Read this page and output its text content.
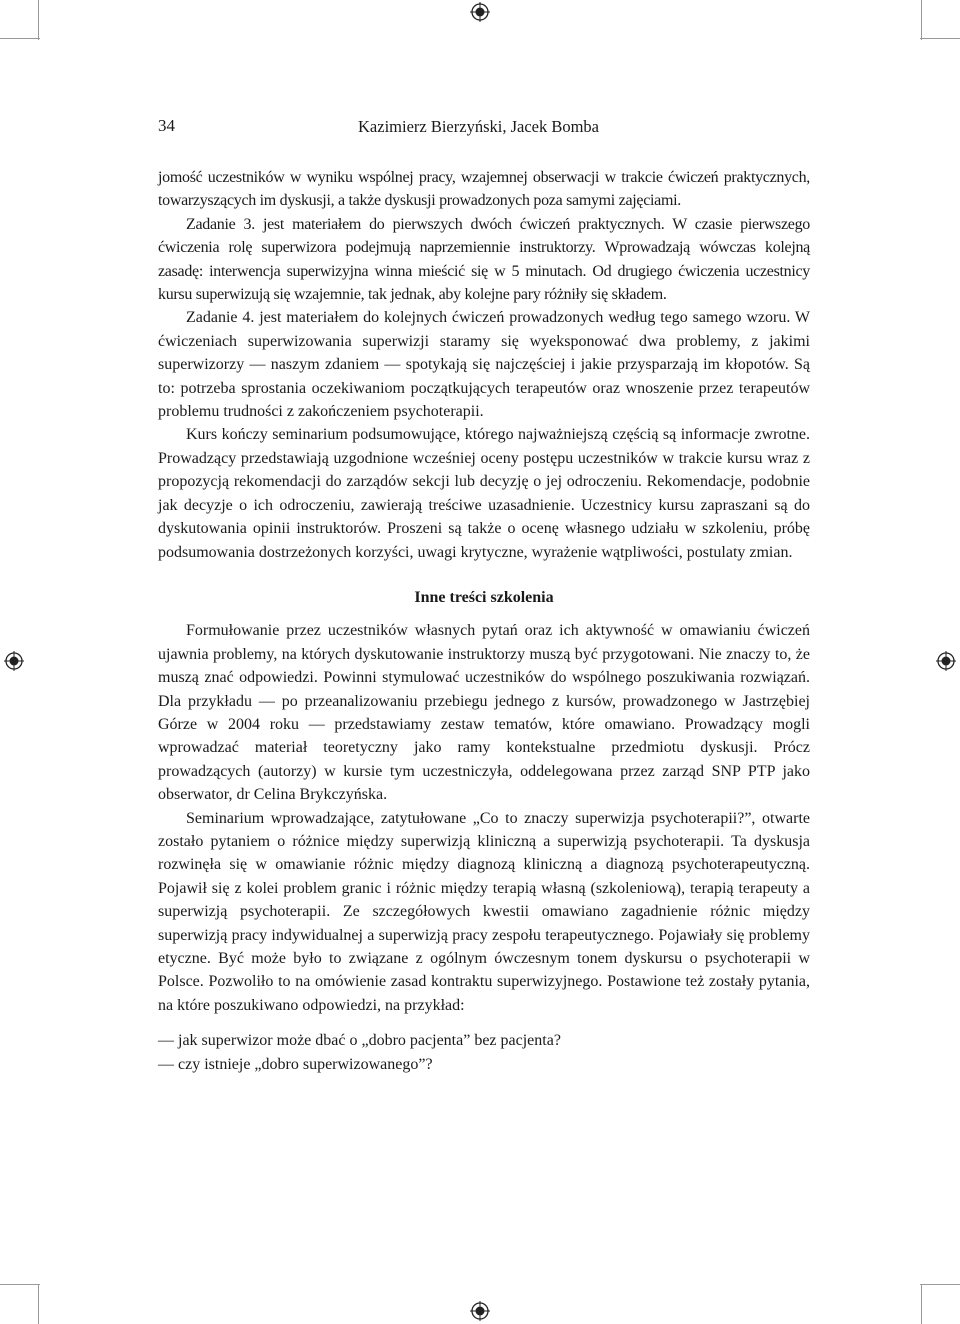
34	Kazimierz Bierzyński, Jacek Bomba

jomość uczestników w wyniku wspólnej pracy, wzajemnej obserwacji w trakcie ćwiczeń praktycznych, towarzyszących im dyskusji, a także dyskusji prowadzonych poza samymi zajęciami.

Zadanie 3. jest materiałem do pierwszych dwóch ćwiczeń praktycznych. W czasie pierwszego ćwiczenia rolę superwizora podejmują naprzemiennie instruktorzy. Wprowadzają wówczas kolejną zasadę: interwencja superwizyjna winna mieścić się w 5 minutach. Od drugiego ćwiczenia uczestnicy kursu superwizują się wzajemnie, tak jednak, aby kolejne pary różniły się składem.

Zadanie 4. jest materiałem do kolejnych ćwiczeń prowadzonych według tego samego wzoru. W ćwiczeniach superwizowania superwizji staramy się wyeksponować dwa problemy, z jakimi superwizorzy — naszym zdaniem — spotykają się najczęściej i jakie przysparzają im kłopotów. Są to: potrzeba sprostania oczekiwaniom początkujących terapeutów oraz wnoszenie przez terapeutów problemu trudności z zakończeniem psychoterapii.

Kurs kończy seminarium podsumowujące, którego najważniejszą częścią są informacje zwrotne. Prowadzący przedstawiają uzgodnione wcześniej oceny postępu uczestników w trakcie kursu wraz z propozycją rekomendacji do zarządów sekcji lub decyzję o jej odroczeniu. Rekomendacje, podobnie jak decyzje o ich odroczeniu, zawierają treściwe uzasadnienie. Uczestnicy kursu zapraszani są do dyskutowania opinii instruktorów. Proszeni są także o ocenę własnego udziału w szkoleniu, próbę podsumowania dostrzeżonych korzyści, uwagi krytyczne, wyrażenie wątpliwości, postulaty zmian.

Inne treści szkolenia

Formułowanie przez uczestników własnych pytań oraz ich aktywność w omawianiu ćwiczeń ujawnia problemy, na których dyskutowanie instruktorzy muszą być przygotowani. Nie znaczy to, że muszą znać odpowiedzi. Powinni stymulować uczestników do wspólnego poszukiwania rozwiązań. Dla przykładu — po przeanalizowaniu przebiegu jednego z kursów, prowadzonego w Jastrzębiej Górze w 2004 roku — przedstawiamy zestaw tematów, które omawiano. Prowadzący mogli wprowadzać materiał teoretyczny jako ramy kontekstualne przedmiotu dyskusji. Prócz prowadzących (autorzy) w kursie tym uczestniczyła, oddelegowana przez zarząd SNP PTP jako obserwator, dr Celina Brykczyńska.

Seminarium wprowadzające, zatytułowane „Co to znaczy superwizja psychoterapii?”, otwarte zostało pytaniem o różnice między superwizją kliniczną a superwizją psychoterapii. Ta dyskusja rozwinęła się w omawianie różnic między diagnozą kliniczną a diagnozą psychoterapeutyczną. Pojawił się z kolei problem granic i różnic między terapią własną (szkoleniową), terapią terapeuty a superwizją psychoterapii. Ze szczegółowych kwestii omawiano zagadnienie różnic między superwizją pracy indywidualnej a superwizją pracy zespołu terapeutycznego. Pojawiały się problemy etyczne. Być może było to związane z ogólnym ówczesnym tonem dyskursu o psychoterapii w Polsce. Pozwoliło to na omówienie zasad kontraktu superwizyjnego. Postawione też zostały pytania, na które poszukiwano odpowiedzi, na przykład:

— jak superwizor może dbać o „dobro pacjenta” bez pacjenta?

— czy istnieje „dobro superwizowanego”?
